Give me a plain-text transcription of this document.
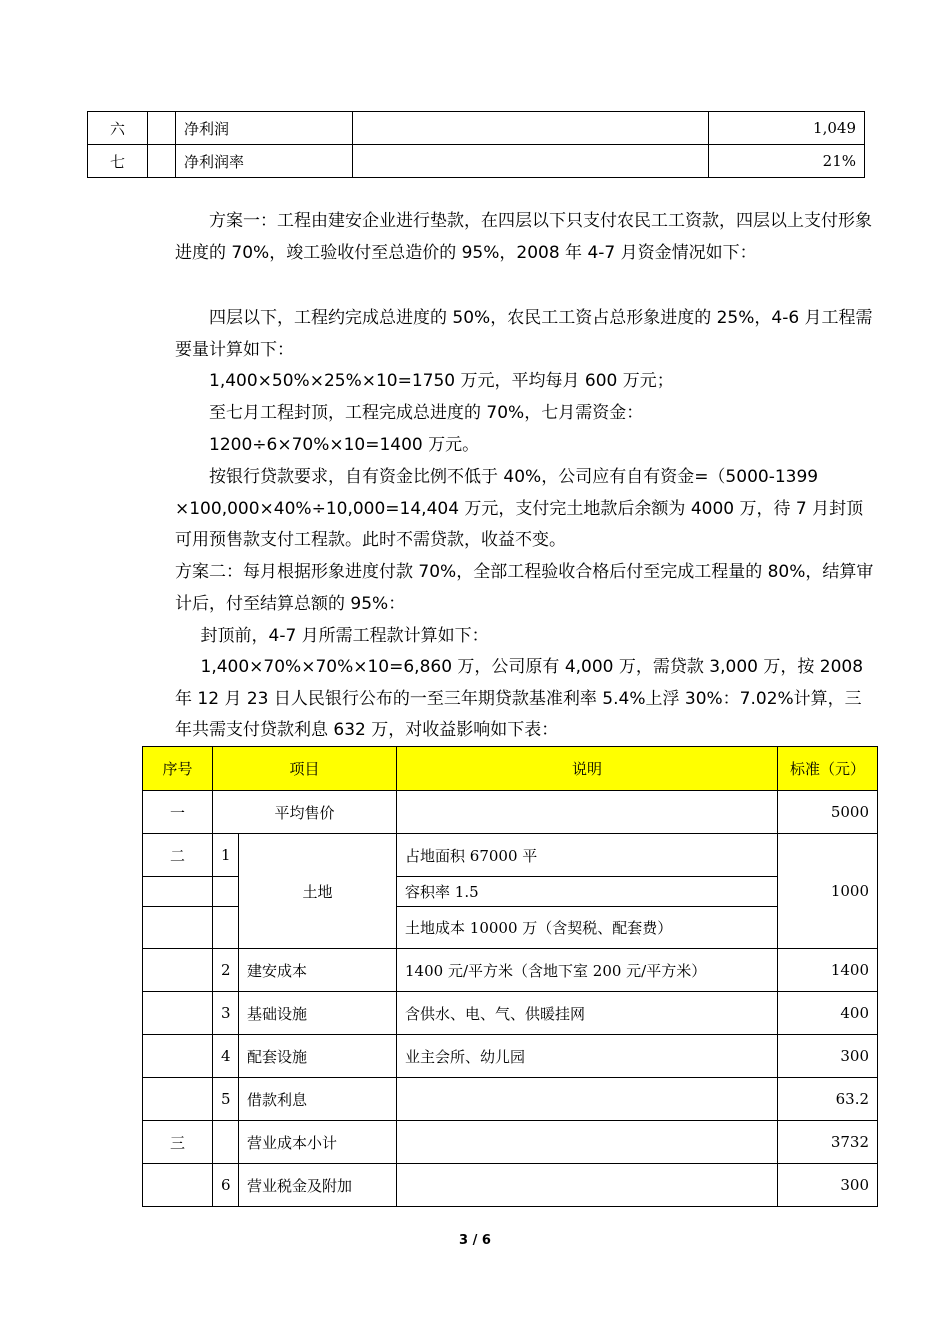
六		净利润		1,049
七		净利润率		21%

方案一：工程由建安企业进行垫款，在四层以下只支付农民工工资款，四层以上支付形象进度的 70%，竣工验收付至总造价的 95%，2008 年 4-7 月资金情况如下：

四层以下，工程约完成总进度的 50%，农民工工资占总形象进度的 25%，4-6 月工程需要量计算如下：

1,400×50%×25%×10=1750 万元，平均每月 600 万元；

至七月工程封顶，工程完成总进度的 70%，七月需资金：

1200÷6×70%×10=1400 万元。

按银行贷款要求，自有资金比例不低于 40%，公司应有自有资金=（5000-1399 ×100,000×40%÷10,000=14,404 万元，支付完土地款后余额为 4000 万，待 7 月封顶可用预售款支付工程款。此时不需贷款，收益不变。

方案二：每月根据形象进度付款 70%，全部工程验收合格后付至完成工程量的 80%，结算审计后，付至结算总额的 95%：

封顶前，4-7 月所需工程款计算如下：

1,400×70%×70%×10=6,860 万，公司原有 4,000 万，需贷款 3,000 万，按 2008 年 12 月 23 日人民银行公布的一至三年期贷款基准利率 5.4%上浮 30%：7.02%计算，三年共需支付贷款利息 632 万，对收益影响如下表：

序号	项目		说明	标准（元）
一	平均售价			5000
二	1	土地	占地面积 67000 平	1000
			容积率 1.5	
			土地成本 10000 万（含契税、配套费）	
	2	建安成本	1400 元/平方米（含地下室 200 元/平方米）	1400
	3	基础设施	含供水、电、气、供暖挂网	400
	4	配套设施	业主会所、幼儿园	300
	5	借款利息		63.2
三		营业成本小计		3732
	6	营业税金及附加		300
3 / 6
